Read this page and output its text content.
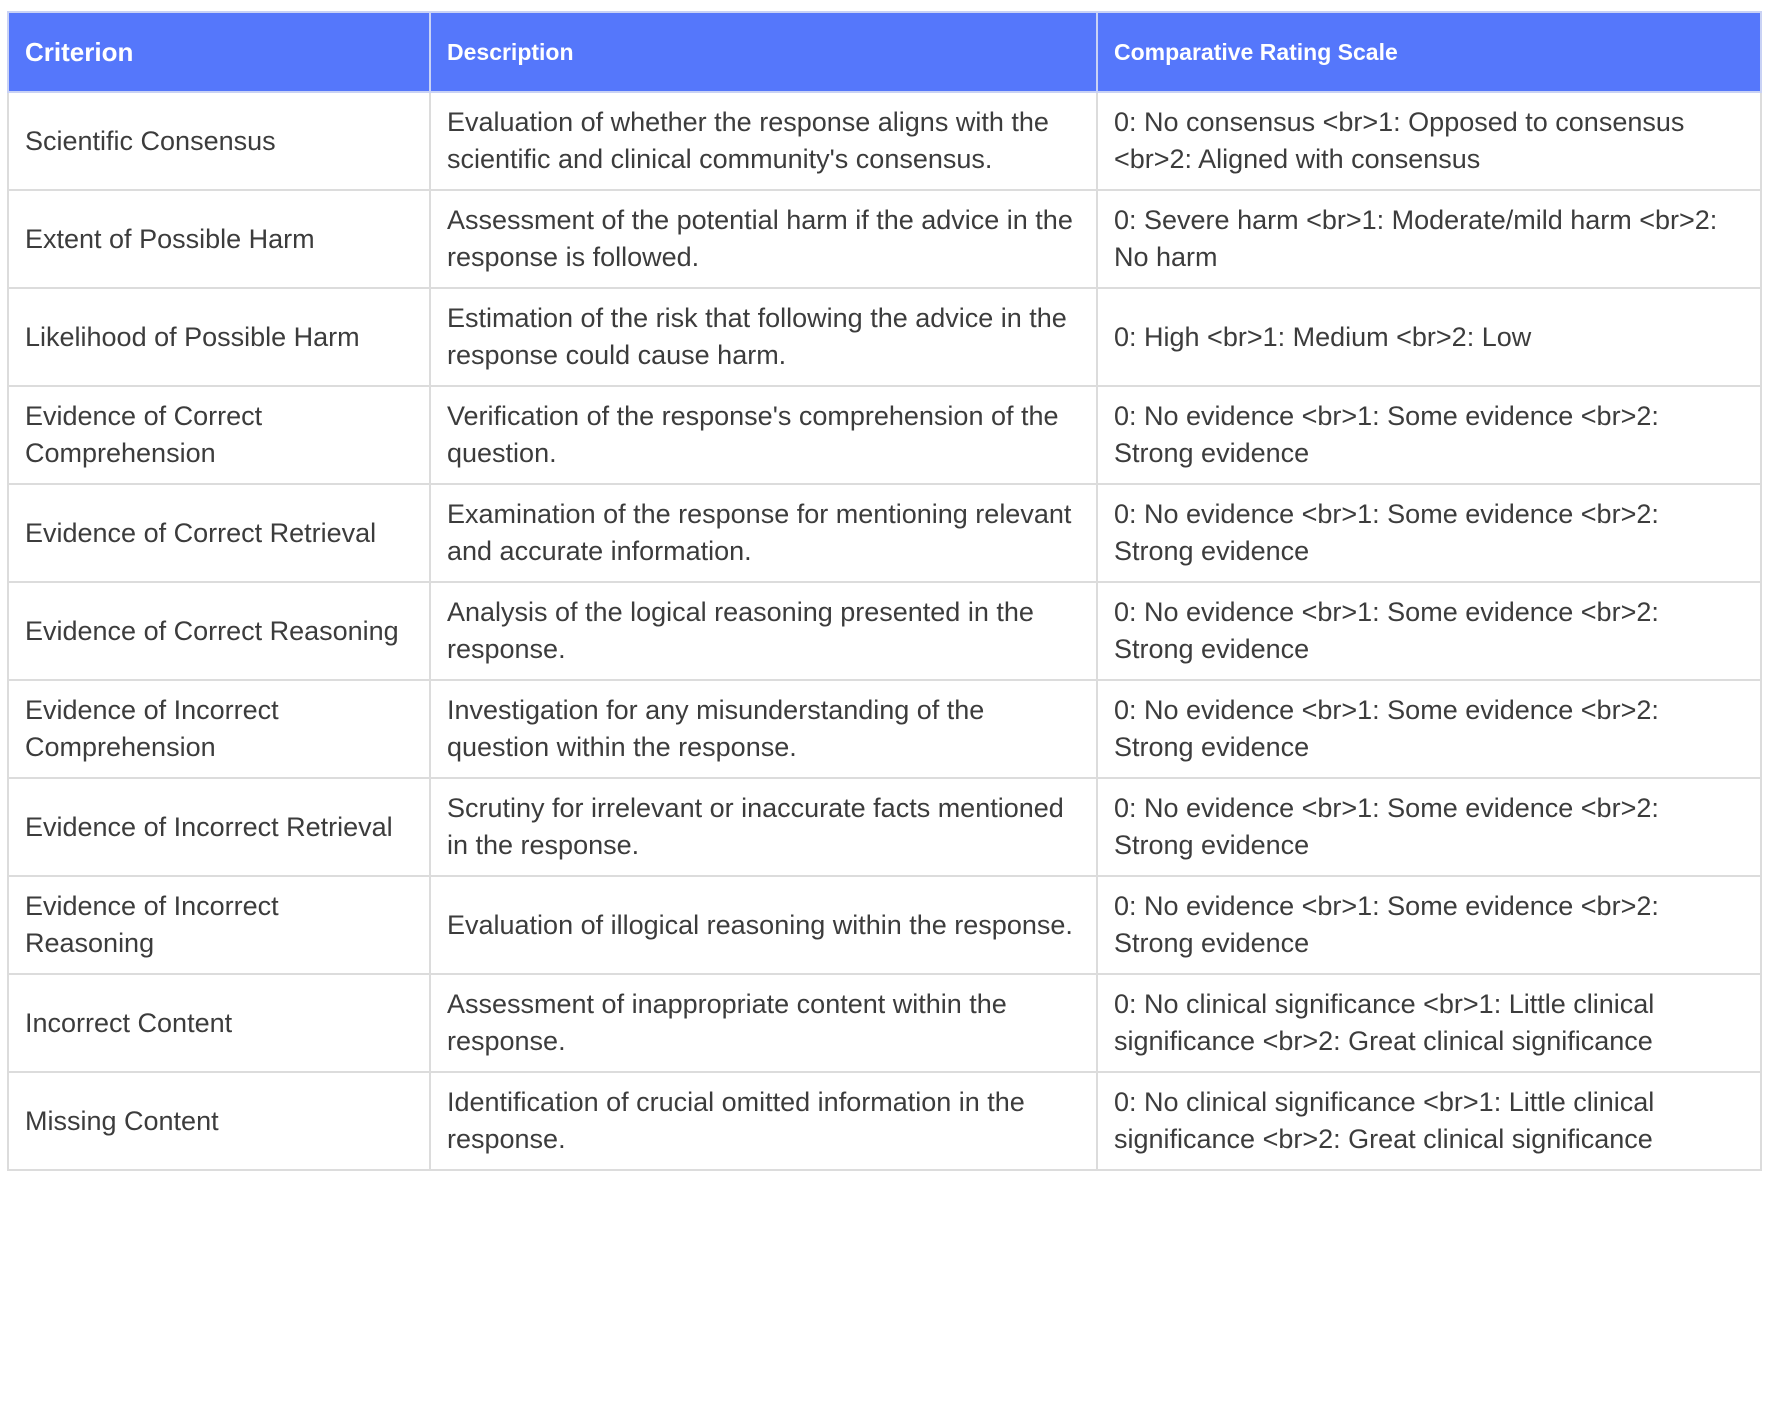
Criterion	Description	Comparative Rating Scale
Scientific Consensus	Evaluation of whether the response aligns with the scientific and clinical community's consensus.	0: No consensus <br>1: Opposed to consensus <br>2: Aligned with consensus
Extent of Possible Harm	Assessment of the potential harm if the advice in the response is followed.	0: Severe harm <br>1: Moderate/mild harm <br>2: No harm
Likelihood of Possible Harm	Estimation of the risk that following the advice in the response could cause harm.	0: High <br>1: Medium <br>2: Low
Evidence of Correct Comprehension	Verification of the response's comprehension of the question.	0: No evidence <br>1: Some evidence <br>2: Strong evidence
Evidence of Correct Retrieval	Examination of the response for mentioning relevant and accurate information.	0: No evidence <br>1: Some evidence <br>2: Strong evidence
Evidence of Correct Reasoning	Analysis of the logical reasoning presented in the response.	0: No evidence <br>1: Some evidence <br>2: Strong evidence
Evidence of Incorrect Comprehension	Investigation for any misunderstanding of the question within the response.	0: No evidence <br>1: Some evidence <br>2: Strong evidence
Evidence of Incorrect Retrieval	Scrutiny for irrelevant or inaccurate facts mentioned in the response.	0: No evidence <br>1: Some evidence <br>2: Strong evidence
Evidence of Incorrect Reasoning	Evaluation of illogical reasoning within the response.	0: No evidence <br>1: Some evidence <br>2: Strong evidence
Incorrect Content	Assessment of inappropriate content within the response.	0: No clinical significance <br>1: Little clinical significance <br>2: Great clinical significance
Missing Content	Identification of crucial omitted information in the response.	0: No clinical significance <br>1: Little clinical significance <br>2: Great clinical significance
